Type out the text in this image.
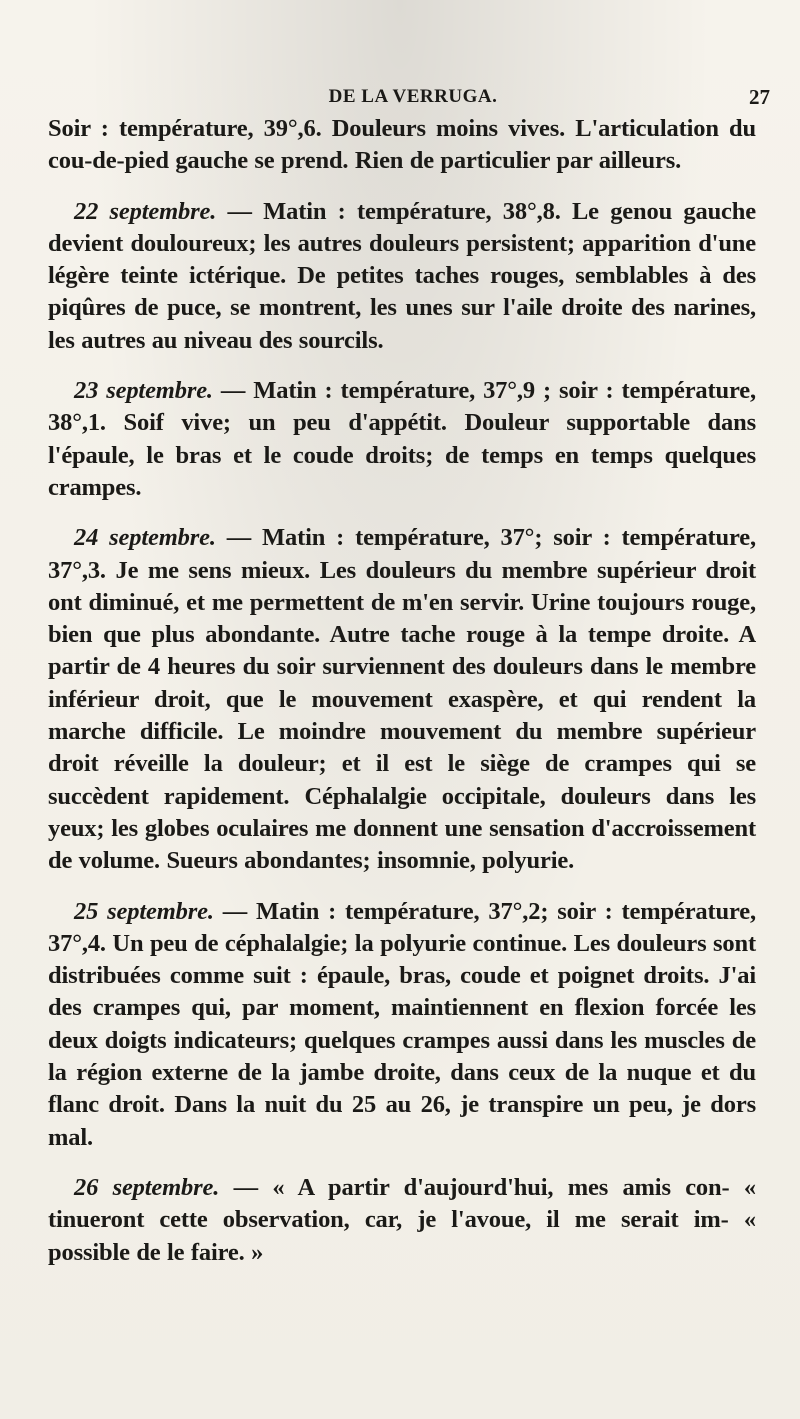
DE LA VERRUGA.	27

Soir : température, 39°,6. Douleurs moins vives. L'articulation du cou-de-pied gauche se prend. Rien de particulier par ailleurs.

22 septembre. — Matin : température, 38°,8. Le genou gauche devient douloureux; les autres douleurs persistent; apparition d'une légère teinte ictérique. De petites taches rouges, semblables à des piqûres de puce, se montrent, les unes sur l'aile droite des narines, les autres au niveau des sourcils.

23 septembre. — Matin : température, 37°,9 ; soir : température, 38°,1. Soif vive; un peu d'appétit. Douleur supportable dans l'épaule, le bras et le coude droits; de temps en temps quelques crampes.

24 septembre. — Matin : température, 37°; soir : température, 37°,3. Je me sens mieux. Les douleurs du membre supérieur droit ont diminué, et me permettent de m'en servir. Urine toujours rouge, bien que plus abondante. Autre tache rouge à la tempe droite. A partir de 4 heures du soir surviennent des douleurs dans le membre inférieur droit, que le mouvement exaspère, et qui rendent la marche difficile. Le moindre mouvement du membre supérieur droit réveille la douleur; et il est le siège de crampes qui se succèdent rapidement. Céphalalgie occipitale, douleurs dans les yeux; les globes oculaires me donnent une sensation d'accroissement de volume. Sueurs abondantes; insomnie, polyurie.

25 septembre. — Matin : température, 37°,2; soir : température, 37°,4. Un peu de céphalalgie; la polyurie continue. Les douleurs sont distribuées comme suit : épaule, bras, coude et poignet droits. J'ai des crampes qui, par moment, maintiennent en flexion forcée les deux doigts indicateurs; quelques crampes aussi dans les muscles de la région externe de la jambe droite, dans ceux de la nuque et du flanc droit. Dans la nuit du 25 au 26, je transpire un peu, je dors mal.

26 septembre. — « A partir d'aujourd'hui, mes amis con- « tinueront cette observation, car, je l'avoue, il me serait im- « possible de le faire. »
